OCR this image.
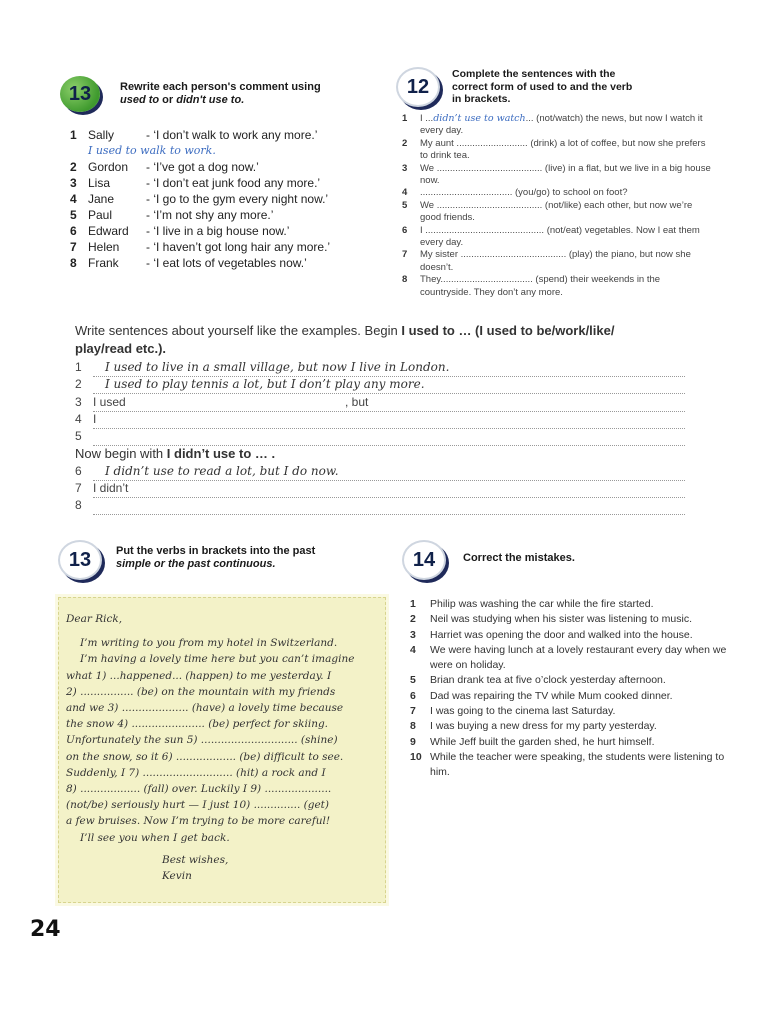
13	Rewrite each person's comment using
used to or didn't use to.
1 Sally	- ‘I don’t walk to work any more.’
I used to walk to work.
2 Gordon	- ‘I’ve got a dog now.’
3 Lisa	- ‘I don’t eat junk food any more.’
4 Jane	- ‘I go to the gym every night now.’
5 Paul	- ‘I’m not shy any more.’
6 Edward	- ‘I live in a big house now.’
7 Helen	- ‘I haven’t got long hair any more.’
8 Frank	- ‘I eat lots of vegetables now.’
12
Complete the sentences with the
correct form of used to and the verb
in brackets.
1	I ...didn’t use to watch... (not/watch) the news, but now I watch it every day.
2	My aunt ........................... (drink) a lot of coffee, but now she prefers to drink tea.
3	We ........................................ (live) in a flat, but we live in a big house now.
4	................................... (you/go) to school on foot?
5	We ........................................ (not/like) each other, but now we’re good friends.
6	I ............................................. (not/eat) vegetables. Now I eat them every day.
7	My sister ........................................ (play) the piano, but now she doesn’t.
8	They................................... (spend) their weekends in the countryside. They don’t any more.
Write sentences about yourself like the examples. Begin I used to … (I used to be/work/like/
play/read etc.).
1	I used to live in a small village, but now I live in London.
2	I used to play tennis a lot, but I don’t play any more.
3 I used	, but
4 I
5
Now begin with I didn’t use to … .
6	I didn’t use to read a lot, but I do now.
7 I didn’t
8
13 Put the verbs in brackets into the past
simple or the past continuous.
Dear Rick,
I’m writing to you from my hotel in Switzerland.
I’m having a lovely time here but you can’t imagine
what 1) ...happened... (happen) to me yesterday. I
2) ................ (be) on the mountain with my friends
and we 3) .................... (have) a lovely time because
the snow 4) ...................... (be) perfect for skiing.
Unfortunately the sun 5) ............................. (shine)
on the snow, so it 6) .................. (be) difficult to see.
Suddenly, I 7) ........................... (hit) a rock and I
8) .................. (fall) over. Luckily I 9) ....................
(not/be) seriously hurt — I just 10) .............. (get)
a few bruises. Now I’m trying to be more careful!
I’ll see you when I get back.
Best wishes,
Kevin
14	Correct the mistakes.
1	Philip was washing the car while the fire started.
2	Neil was studying when his sister was listening to music.
3	Harriet was opening the door and walked into the house.
4	We were having lunch at a lovely restaurant every day when we were on holiday.
5	Brian drank tea at five o’clock yesterday afternoon.
6	Dad was repairing the TV while Mum cooked dinner.
7	I was going to the cinema last Saturday.
8	I was buying a new dress for my party yesterday.
9	While Jeff built the garden shed, he hurt himself.
10 While the teacher were speaking, the students were listening to him.
24
